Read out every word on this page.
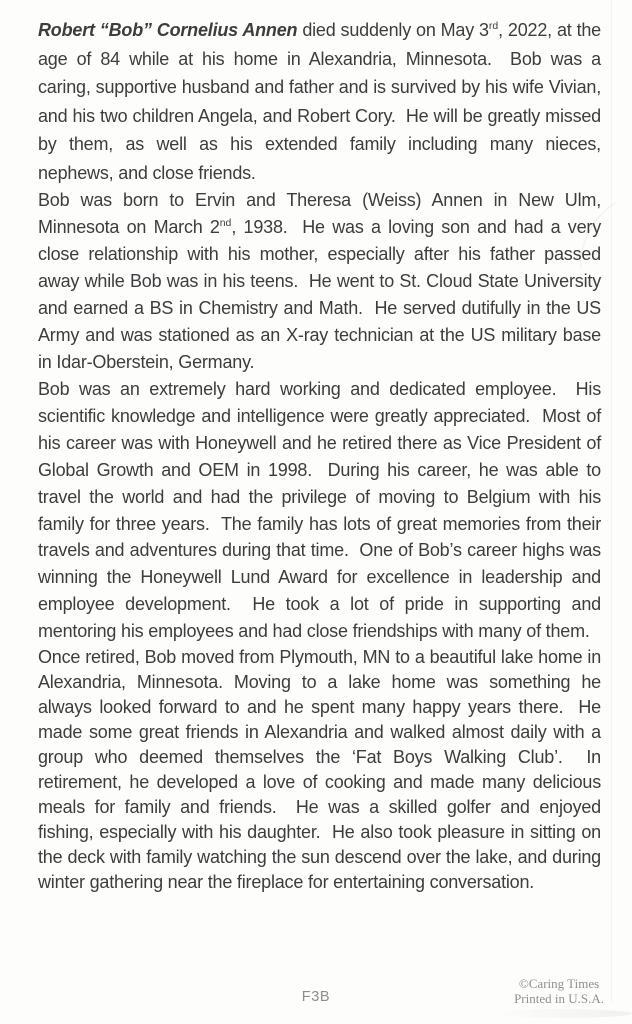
Robert “Bob” Cornelius Annen died suddenly on May 3rd, 2022, at the age of 84 while at his home in Alexandria, Minnesota.  Bob was a caring, supportive husband and father and is survived by his wife Vivian, and his two children Angela, and Robert Cory.  He will be greatly missed by them, as well as his extended family including many nieces, nephews, and close friends.

Bob was born to Ervin and Theresa (Weiss) Annen in New Ulm, Minnesota on March 2nd, 1938.  He was a loving son and had a very close relationship with his mother, especially after his father passed away while Bob was in his teens.  He went to St. Cloud State University and earned a BS in Chemistry and Math.  He served dutifully in the US Army and was stationed as an X-ray technician at the US military base in Idar-Oberstein, Germany.

Bob was an extremely hard working and dedicated employee.  His scientific knowledge and intelligence were greatly appreciated.  Most of his career was with Honeywell and he retired there as Vice President of Global Growth and OEM in 1998.  During his career, he was able to travel the world and had the privilege of moving to Belgium with his family for three years.  The family has lots of great memories from their travels and adventures during that time.  One of Bob’s career highs was winning the Honeywell Lund Award for excellence in leadership and employee development.  He took a lot of pride in supporting and mentoring his employees and had close friendships with many of them.

Once retired, Bob moved from Plymouth, MN to a beautiful lake home in Alexandria, Minnesota. Moving to a lake home was something he always looked forward to and he spent many happy years there.  He made some great friends in Alexandria and walked almost daily with a group who deemed themselves the ‘Fat Boys Walking Club’.  In retirement, he developed a love of cooking and made many delicious meals for family and friends.  He was a skilled golfer and enjoyed fishing, especially with his daughter.  He also took pleasure in sitting on the deck with family watching the sun descend over the lake, and during winter gathering near the fireplace for entertaining conversation.

F3B
©Caring Times
Printed in U.S.A.
